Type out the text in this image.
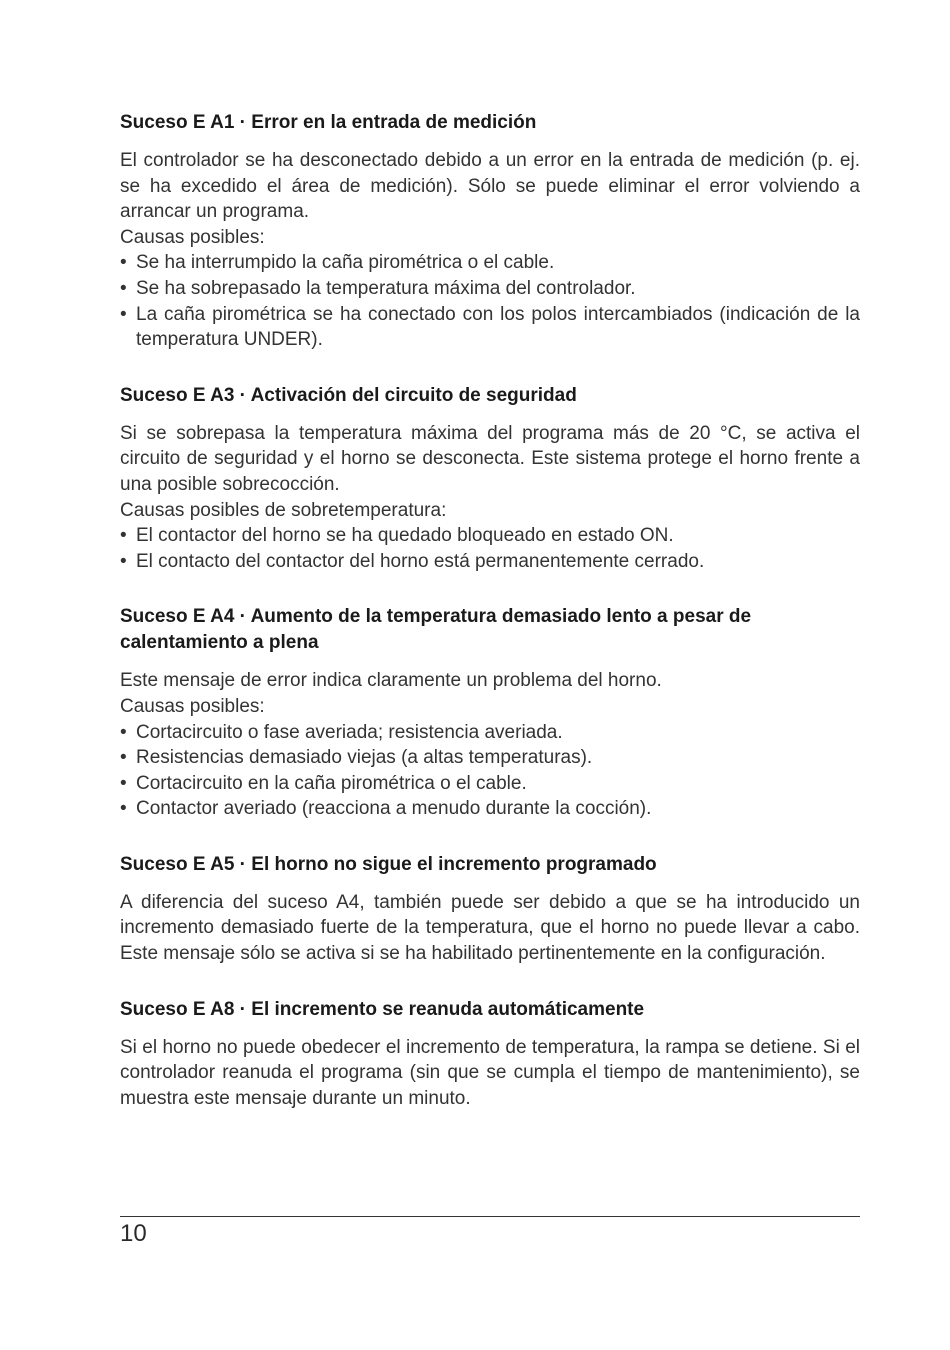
Suceso E A1 · Error en la entrada de medición

El controlador se ha desconectado debido a un error en la entrada de medición (p. ej. se ha excedido el área de medición). Sólo se puede eliminar el error volviendo a arrancar un programa.

Causas posibles:

• Se ha interrumpido la caña pirométrica o el cable.
• Se ha sobrepasado la temperatura máxima del controlador.
• La caña pirométrica se ha conectado con los polos intercambiados (indicación de la temperatura UNDER).
Suceso E A3 · Activación del circuito de seguridad

Si se sobrepasa la temperatura máxima del programa más de 20 °C, se activa el circuito de seguridad y el horno se desconecta. Este sistema protege el horno frente a una posible sobrecocción.

Causas posibles de sobretemperatura:

• El contactor del horno se ha quedado bloqueado en estado ON.
• El contacto del contactor del horno está permanentemente cerrado.
Suceso E A4 · Aumento de la temperatura demasiado lento a pesar de calentamiento a plena

Este mensaje de error indica claramente un problema del horno.

Causas posibles:

• Cortacircuito o fase averiada; resistencia averiada.
• Resistencias demasiado viejas (a altas temperaturas).
• Cortacircuito en la caña pirométrica o el cable.
• Contactor averiado (reacciona a menudo durante la cocción).
Suceso E A5 · El horno no sigue el incremento programado

A diferencia del suceso A4, también puede ser debido a que se ha introducido un incremento demasiado fuerte de la temperatura, que el horno no puede llevar a cabo. Este mensaje sólo se activa si se ha habilitado pertinentemente en la configuración.

Suceso E A8 · El incremento se reanuda automáticamente

Si el horno no puede obedecer el incremento de temperatura, la rampa se detiene. Si el controlador reanuda el programa (sin que se cumpla el tiempo de mantenimiento), se muestra este mensaje durante un minuto.

10
